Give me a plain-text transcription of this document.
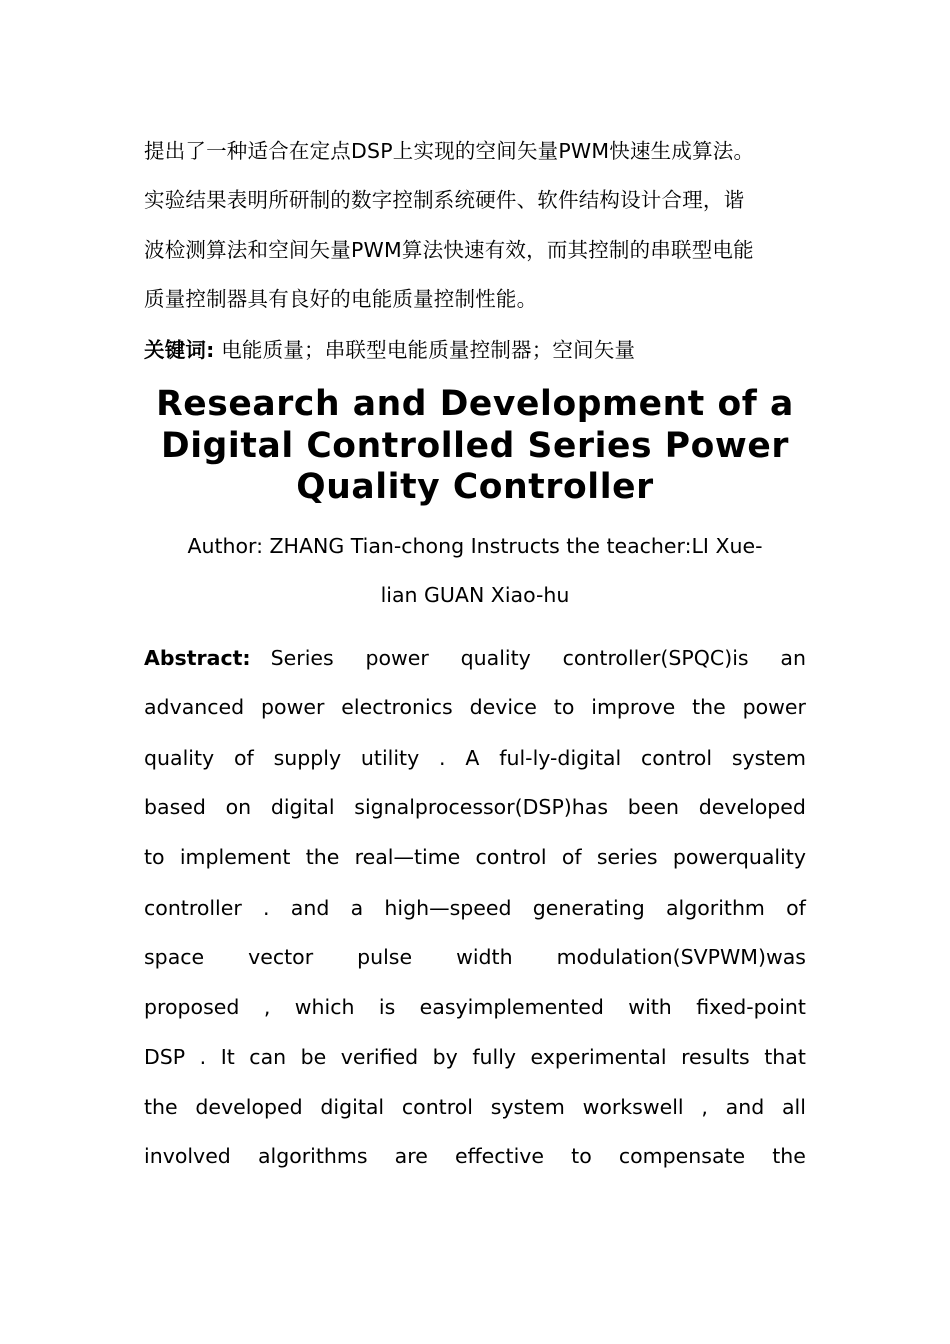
提出了一种适合在定点DSP上实现的空间矢量PWM快速生成算法。
实验结果表明所研制的数字控制系统硬件、软件结构设计合理，谐
波检测算法和空间矢量PWM算法快速有效，而其控制的串联型电能
质量控制器具有良好的电能质量控制性能。
关键词: 电能质量；串联型电能质量控制器；空间矢量
Research and Development of a
Digital Controlled Series Power
Quality Controller
Author: ZHANG Tian-chong Instructs the teacher:LI Xue-
lian GUAN Xiao-hu
Abstract: Series power quality controller(SPQC)is an
advanced power electronics device to improve the power
quality of supply utility . A ful-ly-digital control system
based on digital signalprocessor(DSP)has been developed
to implement the real—time control of series powerquality
controller . and a high—speed generating algorithm of
space vector pulse width modulation(SVPWM)was
proposed , which is easyimplemented with fixed-point
DSP . It can be verified by fully experimental results that
the developed digital control system workswell , and all
involved algorithms are effective to compensate the
